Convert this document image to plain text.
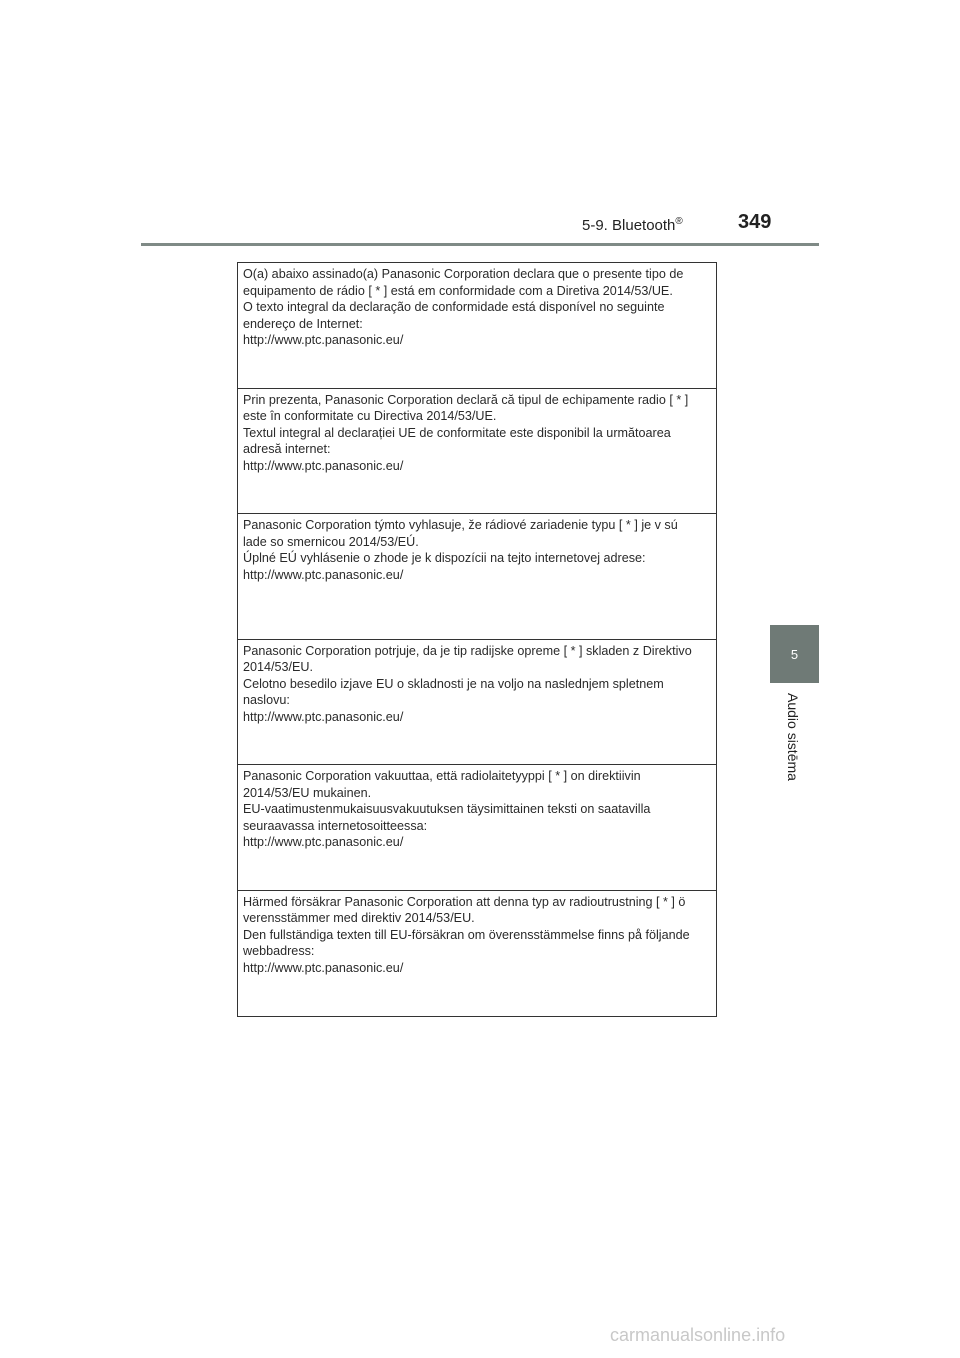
5-9. Bluetooth®	349
5
Audio sistēma
O(a) abaixo assinado(a) Panasonic Corporation declara que o presente tipo de
equipamento de rádio [ * ] está em conformidade com a Diretiva 2014/53/UE.
O texto integral da declaração de conformidade está disponível no seguinte
endereço de Internet:
http://www.ptc.panasonic.eu/
Prin prezenta, Panasonic Corporation declară că tipul de echipamente radio [ * ]
este în conformitate cu Directiva 2014/53/UE.
Textul integral al declarației UE de conformitate este disponibil la următoarea
adresă internet:
http://www.ptc.panasonic.eu/
Panasonic Corporation týmto vyhlasuje, že rádiové zariadenie typu [ * ] je v sú
lade so smernicou 2014/53/EÚ.
Úplné EÚ vyhlásenie o zhode je k dispozícii na tejto internetovej adrese:
http://www.ptc.panasonic.eu/
Panasonic Corporation potrjuje, da je tip radijske opreme [ * ] skladen z Direktivo
2014/53/EU.
Celotno besedilo izjave EU o skladnosti je na voljo na naslednjem spletnem
naslovu:
http://www.ptc.panasonic.eu/
Panasonic Corporation vakuuttaa, että radiolaitetyyppi [ * ] on direktiivin
2014/53/EU mukainen.
EU-vaatimustenmukaisuusvakuutuksen täysimittainen teksti on saatavilla
seuraavassa internetosoitteessa:
http://www.ptc.panasonic.eu/
Härmed försäkrar Panasonic Corporation att denna typ av radioutrustning [ * ] ö
verensstämmer med direktiv 2014/53/EU.
Den fullständiga texten till EU-försäkran om överensstämmelse finns på följande
webbadress:
http://www.ptc.panasonic.eu/
carmanualsonline.info
